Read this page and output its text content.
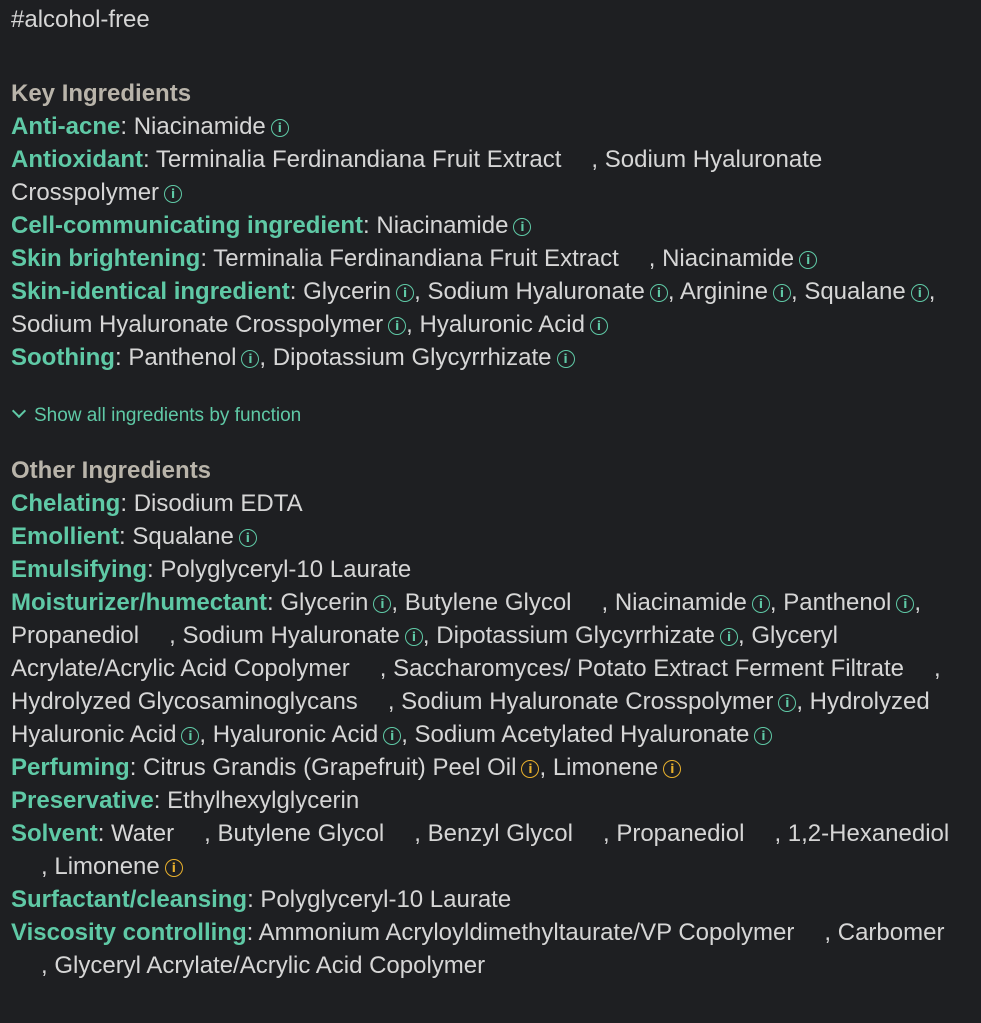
#alcohol-free
Key Ingredients
Anti-acne: Niacinamide i
Antioxidant: Terminalia Ferdinandiana Fruit Extract , Sodium Hyaluronate Crosspolymer i
Cell-communicating ingredient: Niacinamide i
Skin brightening: Terminalia Ferdinandiana Fruit Extract , Niacinamide i
Skin-identical ingredient: Glycerin i , Sodium Hyaluronate i , Arginine i , Squalane i , Sodium Hyaluronate Crosspolymer i , Hyaluronic Acid i
Soothing: Panthenol i , Dipotassium Glycyrrhizate i
Show all ingredients by function
Other Ingredients
Chelating: Disodium EDTA
Emollient: Squalane i
Emulsifying: Polyglyceryl-10 Laurate
Moisturizer/humectant: Glycerin i , Butylene Glycol , Niacinamide i , Panthenol i , Propanediol , Sodium Hyaluronate i , Dipotassium Glycyrrhizate i , Glyceryl Acrylate/Acrylic Acid Copolymer , Saccharomyces/ Potato Extract Ferment Filtrate , Hydrolyzed Glycosaminoglycans , Sodium Hyaluronate Crosspolymer i , Hydrolyzed Hyaluronic Acid i , Hyaluronic Acid i , Sodium Acetylated Hyaluronate i
Perfuming: Citrus Grandis (Grapefruit) Peel Oil i , Limonene i
Preservative: Ethylhexylglycerin
Solvent: Water , Butylene Glycol , Benzyl Glycol , Propanediol , 1,2-Hexanediol, Limonene i
Surfactant/cleansing: Polyglyceryl-10 Laurate
Viscosity controlling: Ammonium Acryloyldimethyltaurate/VP Copolymer , Carbomer, Glyceryl Acrylate/Acrylic Acid Copolymer
